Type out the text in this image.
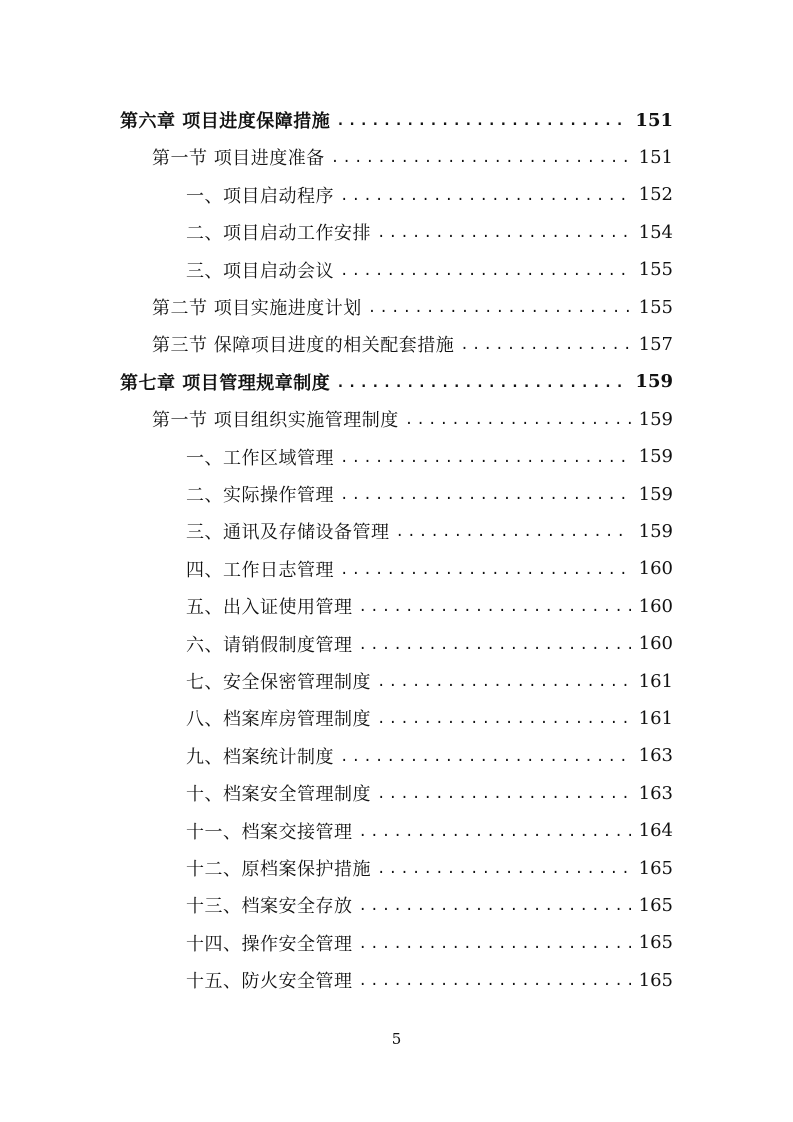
第六章 项目进度保障措施 .....	151
第一节 项目进度准备 .....	151
一、项目启动程序 .....	152
二、项目启动工作安排 .....	154
三、项目启动会议 .....	155
第二节 项目实施进度计划 .....	155
第三节 保障项目进度的相关配套措施 .....	157
第七章 项目管理规章制度 .....	159
第一节 项目组织实施管理制度 .....	159
一、工作区域管理 .....	159
二、实际操作管理 .....	159
三、通讯及存储设备管理 .....	159
四、工作日志管理 .....	160
五、出入证使用管理 .....	160
六、请销假制度管理 .....	160
七、安全保密管理制度 .....	161
八、档案库房管理制度 .....	161
九、档案统计制度 .....	163
十、档案安全管理制度 .....	163
十一、档案交接管理 .....	164
十二、原档案保护措施 .....	165
十三、档案安全存放 .....	165
十四、操作安全管理 .....	165
十五、防火安全管理 .....	165
5
